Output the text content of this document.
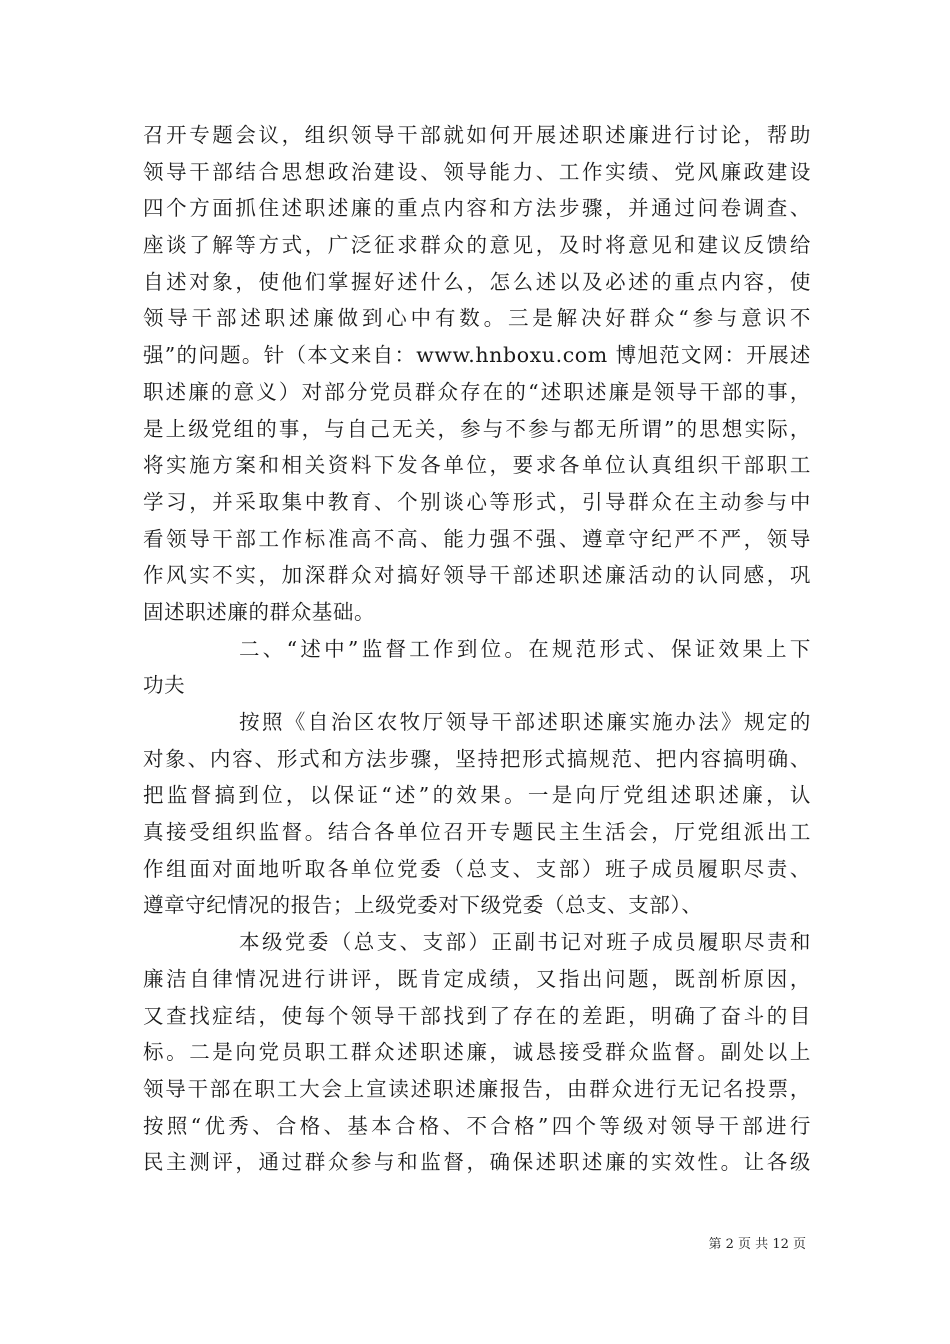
召开专题会议，组织领导干部就如何开展述职述廉进行讨论，帮助
领导干部结合思想政治建设、领导能力、工作实绩、党风廉政建设
四个方面抓住述职述廉的重点内容和方法步骤，并通过问卷调查、
座谈了解等方式，广泛征求群众的意见，及时将意见和建议反馈给
自述对象，使他们掌握好述什么，怎么述以及必述的重点内容，使
领导干部述职述廉做到心中有数。三是解决好群众“参与意识不
强”的问题。针（本文来自：www.hnboxu.com 博旭范文网：开展述
职述廉的意义）对部分党员群众存在的“述职述廉是领导干部的事，
是上级党组的事，与自己无关，参与不参与都无所谓”的思想实际，
将实施方案和相关资料下发各单位，要求各单位认真组织干部职工
学习，并采取集中教育、个别谈心等形式，引导群众在主动参与中
看领导干部工作标准高不高、能力强不强、遵章守纪严不严，领导
作风实不实，加深群众对搞好领导干部述职述廉活动的认同感，巩
固述职述廉的群众基础。
二、“述中”监督工作到位。在规范形式、保证效果上下
功夫
按照《自治区农牧厅领导干部述职述廉实施办法》规定的
对象、内容、形式和方法步骤，坚持把形式搞规范、把内容搞明确、
把监督搞到位，以保证“述”的效果。一是向厅党组述职述廉，认
真接受组织监督。结合各单位召开专题民主生活会，厅党组派出工
作组面对面地听取各单位党委（总支、支部）班子成员履职尽责、
遵章守纪情况的报告；上级党委对下级党委（总支、支部）、
本级党委（总支、支部）正副书记对班子成员履职尽责和
廉洁自律情况进行讲评，既肯定成绩，又指出问题，既剖析原因，
又查找症结，使每个领导干部找到了存在的差距，明确了奋斗的目
标。二是向党员职工群众述职述廉，诚恳接受群众监督。副处以上
领导干部在职工大会上宣读述职述廉报告，由群众进行无记名投票，
按照“优秀、合格、基本合格、不合格”四个等级对领导干部进行
民主测评，通过群众参与和监督，确保述职述廉的实效性。让各级
第 2 页 共 12 页
